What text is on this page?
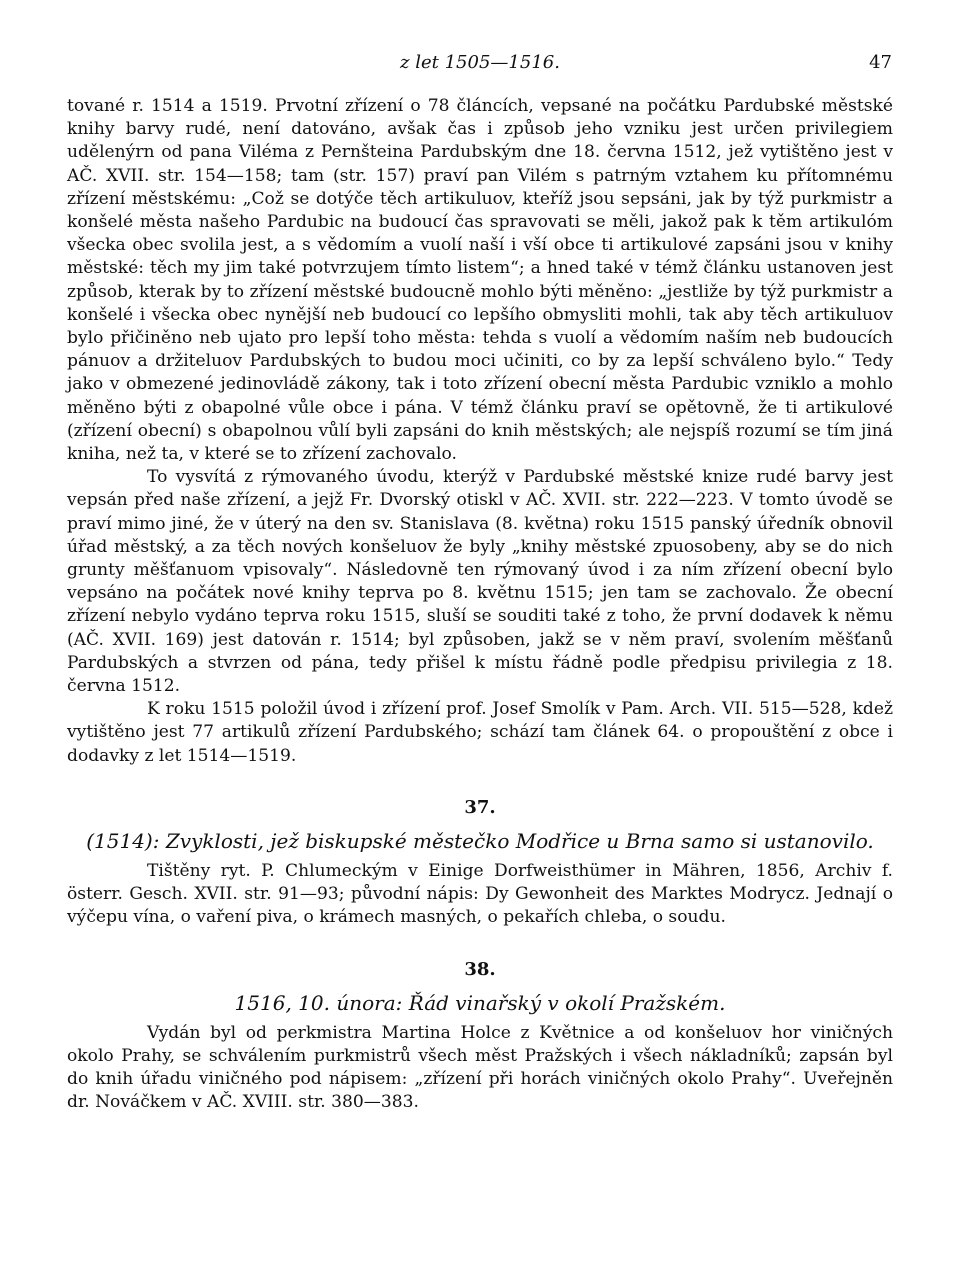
z let 1505—1516.	47

tované r. 1514 a 1519. Prvotní zřízení o 78 článcích, vepsané na počátku Pardubské městské knihy barvy rudé, není datováno, avšak čas i způsob jeho vzniku jest určen privilegiem udělenýrn od pana Viléma z Pernšteina Pardubským dne 18. června 1512, jež vytištěno jest v AČ. XVII. str. 154—158; tam (str. 157) praví pan Vilém s patrným vztahem ku přítomnému zřízení městskému: „Což se dotýče těch artikuluov, kteříž jsou sepsáni, jak by týž purkmistr a konšelé města našeho Pardubic na budoucí čas spravovati se měli, jakož pak k těm artikulóm všecka obec svolila jest, a s vědomím a vuolí naší i vší obce ti artikulové zapsáni jsou v knihy městské: těch my jim také potvrzujem tímto listem“; a hned také v témž článku ustanoven jest způsob, kterak by to zřízení městské budoucně mohlo býti měněno: „jestliže by týž purkmistr a konšelé i všecka obec nynější neb budoucí co lepšího obmysliti mohli, tak aby těch artikuluov bylo přičiněno neb ujato pro lepší toho města: tehda s vuolí a vědomím naším neb budoucích pánuov a držiteluov Pardubských to budou moci učiniti, co by za lepší schváleno bylo.“ Tedy jako v obmezené jedinovládě zákony, tak i toto zřízení obecní města Pardubic vzniklo a mohlo měněno býti z obapolné vůle obce i pána. V témž článku praví se opětovně, že ti artikulové (zřízení obecní) s obapolnou vůlí byli zapsáni do knih městských; ale nejspíš rozumí se tím jiná kniha, než ta, v které se to zřízení zachovalo.

To vysvítá z rýmovaného úvodu, kterýž v Pardubské městské knize rudé barvy jest vepsán před naše zřízení, a jejž Fr. Dvorský otiskl v AČ. XVII. str. 222—223. V tomto úvodě se praví mimo jiné, že v úterý na den sv. Stanislava (8. května) roku 1515 panský úředník obnovil úřad městský, a za těch nových konšeluov že byly „knihy městské zpuosobeny, aby se do nich grunty měšťanuom vpisovaly“. Následovně ten rýmovaný úvod i za ním zřízení obecní bylo vepsáno na počátek nové knihy teprva po 8. květnu 1515; jen tam se zachovalo. Že obecní zřízení nebylo vydáno teprva roku 1515, sluší se souditi také z toho, že první dodavek k němu (AČ. XVII. 169) jest datován r. 1514; byl způsoben, jakž se v něm praví, svolením měšťanů Pardubských a stvrzen od pána, tedy přišel k místu řádně podle předpisu privilegia z 18. června 1512.

K roku 1515 položil úvod i zřízení prof. Josef Smolík v Pam. Arch. VII. 515—528, kdež vytištěno jest 77 artikulů zřízení Pardubského; schází tam článek 64. o propouštění z obce i dodavky z let 1514—1519.

37.
(1514): Zvyklosti, jež biskupské městečko Modřice u Brna samo si ustanovilo.

Tištěny ryt. P. Chlumeckým v Einige Dorfweisthümer in Mähren, 1856, Archiv f. österr. Gesch. XVII. str. 91—93; původní nápis: Dy Gewonheit des Marktes Modrycz. Jednají o výčepu vína, o vaření piva, o krámech masných, o pekařích chleba, o soudu.

38.
1516, 10. února: Řád vinařský v okolí Pražském.

Vydán byl od perkmistra Martina Holce z Květnice a od konšeluov hor viničných okolo Prahy, se schválením purkmistrů všech měst Pražských i všech nákladníků; zapsán byl do knih úřadu viničného pod nápisem: „zřízení při horách viničných okolo Prahy“. Uveřejněn dr. Nováčkem v AČ. XVIII. str. 380—383.
